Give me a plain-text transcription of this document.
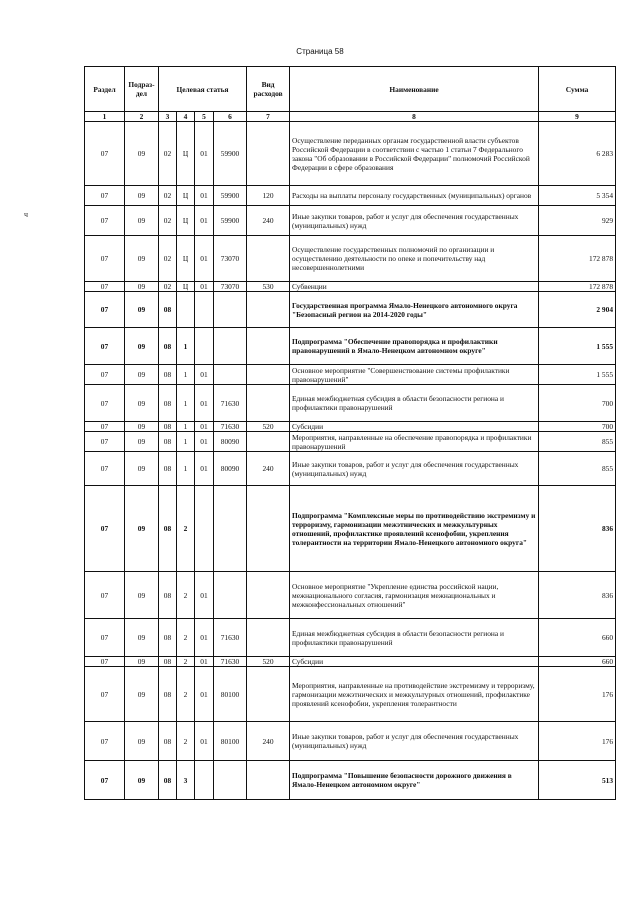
Страница 58
ч
Раздел	Подраз-дел	Целевая статья				Вид расходов	Наименование	Сумма
1	2	3	4	5	6	7	8	9
07	09	02	Ц	01	59900		Осуществление переданных органам государственной власти субъектов Российской Федерации в соответствии с частью 1 статьи 7 Федерального закона "Об образовании в Российской Федерации" полномочий Российской Федерации в сфере образования	6 283
07	09	02	Ц	01	59900	120	Расходы на выплаты персоналу государственных (муниципальных) органов	5 354
07	09	02	Ц	01	59900	240	Иные закупки товаров, работ и услуг для обеспечения государственных (муниципальных) нужд	929
07	09	02	Ц	01	73070		Осуществление государственных полномочий по организации и осуществлению деятельности по опеке и попечительству над несовершеннолетними	172 878
07	09	02	Ц	01	73070	530	Субвенции	172 878
07	09	08					Государственная программа Ямало-Ненецкого автономного округа "Безопасный регион на 2014-2020 годы"	2 904
07	09	08	1				Подпрограмма "Обеспечение правопорядка и профилактики правонарушений в Ямало-Ненецком автономном округе"	1 555
07	09	08	1	01			Основное мероприятие "Совершенствование системы профилактики правонарушений"	1 555
07	09	08	1	01	71630		Единая межбюджетная субсидия в области безопасности региона и профилактики правонарушений	700
07	09	08	1	01	71630	520	Субсидии	700
07	09	08	1	01	80090		Мероприятия, направленные на обеспечение правопорядка и профилактики правонарушений	855
07	09	08	1	01	80090	240	Иные закупки товаров, работ и услуг для обеспечения государственных (муниципальных) нужд	855
07	09	08	2				Подпрограмма "Комплексные меры по противодействию экстремизму и терроризму, гармонизации межэтнических и межкультурных отношений, профилактике проявлений ксенофобии, укрепления толерантности на территории Ямало-Ненецкого автономного округа"	836
07	09	08	2	01			Основное мероприятие "Укрепление единства российской нации, межнационального согласия, гармонизация межнациональных и межконфессиональных отношений"	836
07	09	08	2	01	71630		Единая межбюджетная субсидия в области безопасности региона и профилактики правонарушений	660
07	09	08	2	01	71630	520	Субсидии	660
07	09	08	2	01	80100		Мероприятия, направленные на противодействие экстремизму и терроризму, гармонизации межэтнических и межкультурных отношений, профилактике проявлений ксенофобии, укрепления толерантности	176
07	09	08	2	01	80100	240	Иные закупки товаров, работ и услуг для обеспечения государственных (муниципальных) нужд	176
07	09	08	3				Подпрограмма "Повышение безопасности дорожного движения в Ямало-Ненецком автономном округе"	513
